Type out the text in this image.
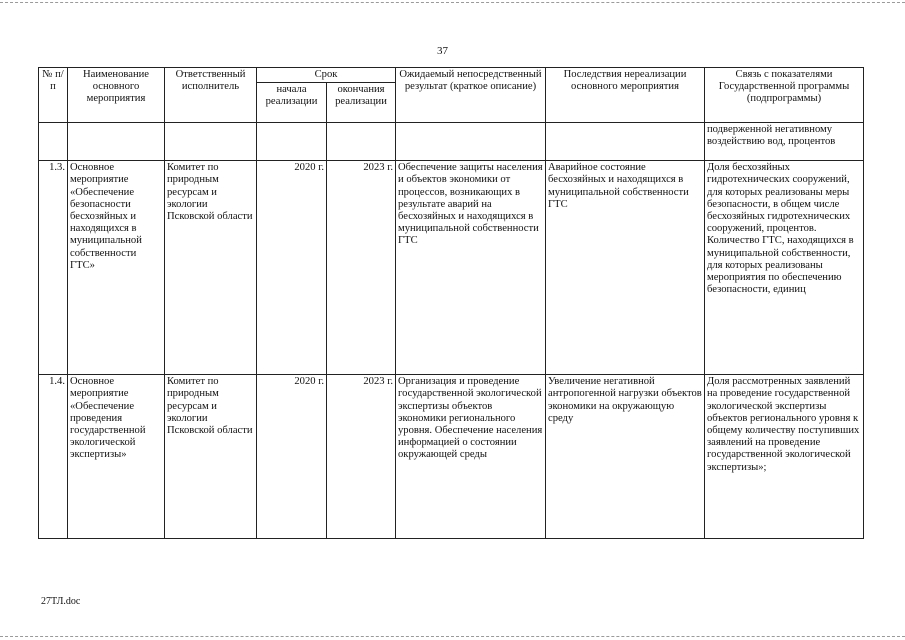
37
№ п/п	Наименование основного мероприятия	Ответственный исполнитель	Срок		Ожидаемый непосредственный результат (краткое описание)	Последствия нереализации основного мероприятия	Связь с показателями Государственной программы (подпрограммы)
			начала реализации	окончания реализации			
							подверженной негативному воздействию вод, процентов
1.3.	Основное мероприятие «Обеспечение безопасности бесхозяйных и находящихся в муниципальной собственности ГТС»	Комитет по природным ресурсам и экологии Псковской области	2020 г.	2023 г.	Обеспечение защиты населения и объектов экономики от процессов, возникающих в результате аварий на бесхозяйных и находящихся в муниципальной собственности ГТС	Аварийное состояние бесхозяйных и находящихся в муниципальной собственности ГТС	Доля бесхозяйных гидротехнических сооружений, для которых реализованы меры безопасности, в общем числе бесхозяйных гидротехнических сооружений, процентов. Количество ГТС, находящихся в муниципальной собственности, для которых реализованы мероприятия по обеспечению безопасности, единиц
1.4.	Основное мероприятие «Обеспечение проведения государственной экологической экспертизы»	Комитет по природным ресурсам и экологии Псковской области	2020 г.	2023 г.	Организация и проведение государственной экологической экспертизы объектов экономики регионального уровня. Обеспечение населения информацией о состоянии окружающей среды	Увеличение негативной антропогенной нагрузки объектов экономики на окружающую среду	Доля рассмотренных заявлений на проведение государственной экологической экспертизы объектов регионального уровня к общему количеству поступивших заявлений на проведение государственной экологической экспертизы»;
27ТЛ.doc
